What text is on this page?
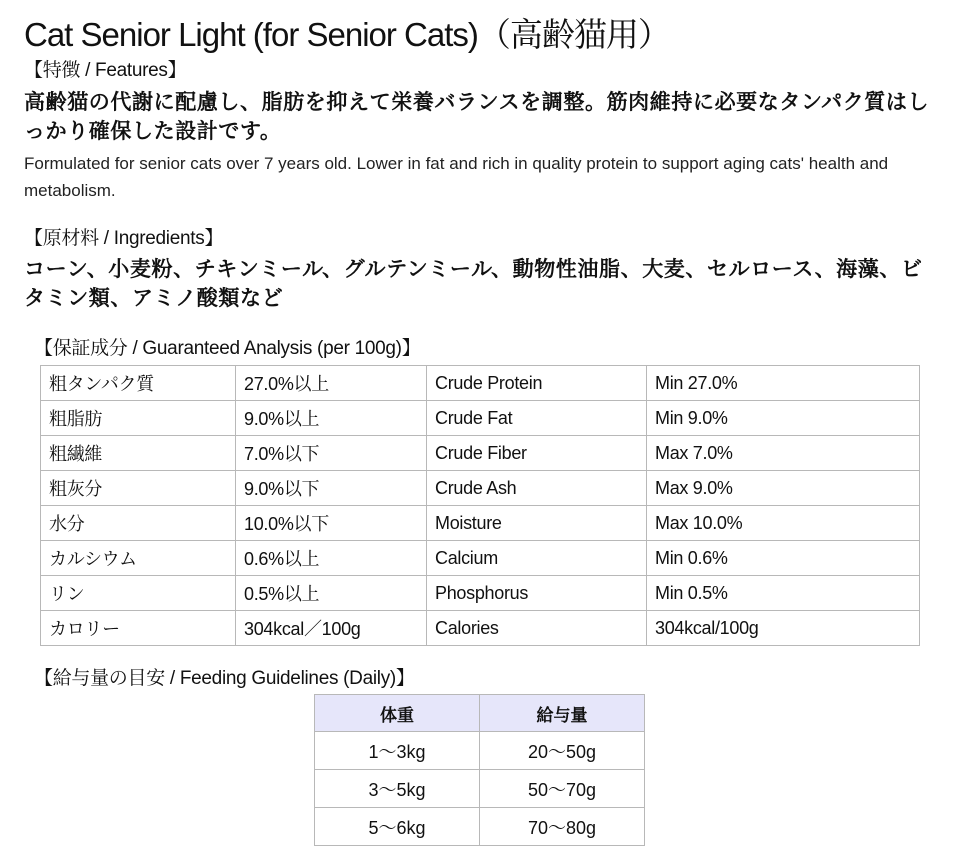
Cat Senior Light (for Senior Cats)（高齢猫用）
【特徴 / Features】
高齢猫の代謝に配慮し、脂肪を抑えて栄養バランスを調整。筋肉維持に必要なタンパク質はしっかり確保した設計です。
Formulated for senior cats over 7 years old. Lower in fat and rich in quality protein to support aging cats' health and metabolism.
【原材料 / Ingredients】
コーン、小麦粉、チキンミール、グルテンミール、動物性油脂、大麦、セルロース、海藻、ビタミン類、アミノ酸類など
【保証成分 / Guaranteed Analysis (per 100g)】
粗タンパク質	27.0%以上	Crude Protein	Min 27.0%
粗脂肪	9.0%以上	Crude Fat	Min 9.0%
粗繊維	7.0%以下	Crude Fiber	Max 7.0%
粗灰分	9.0%以下	Crude Ash	Max 9.0%
水分	10.0%以下	Moisture	Max 10.0%
カルシウム	0.6%以上	Calcium	Min 0.6%
リン	0.5%以上	Phosphorus	Min 0.5%
カロリー	304kcal／100g	Calories	304kcal/100g
【給与量の目安 / Feeding Guidelines (Daily)】
体重	給与量
1～3kg	20～50g
3～5kg	50～70g
5～6kg	70～80g
